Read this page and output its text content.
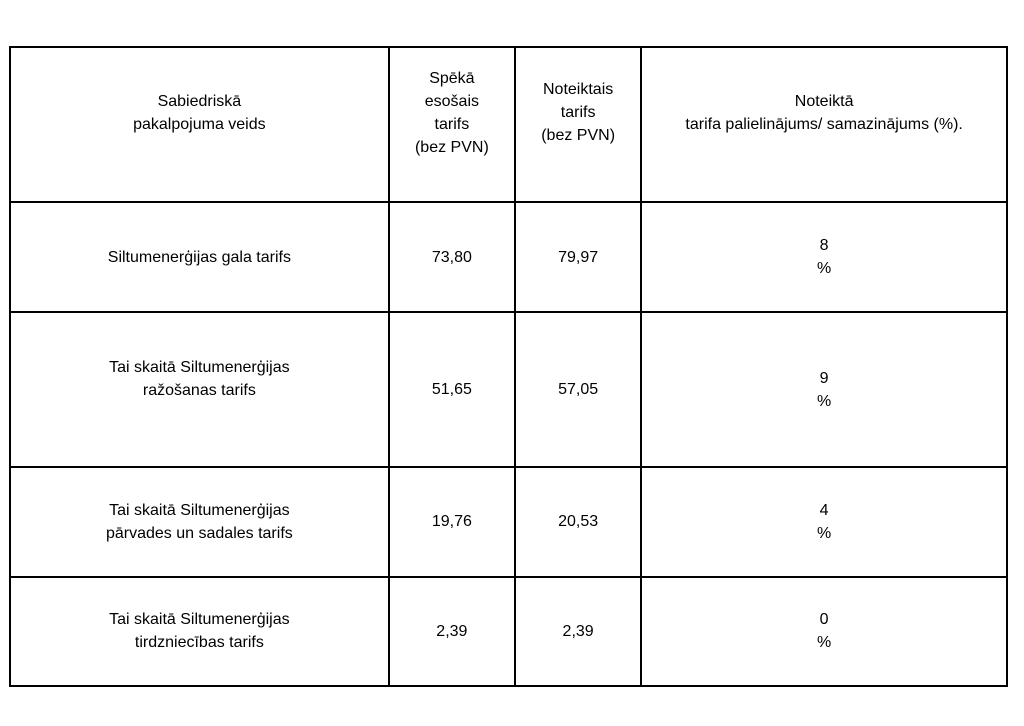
Sabiedriskā
pakalpojuma veids	Spēkā
esošais
tarifs
(bez PVN)	Noteiktais
tarifs
(bez PVN)	Noteiktā
tarifa palielinājums/ samazinājums (%).

Siltumenerģijas gala tarifs	73,80	79,97	8
%

Tai skaitā Siltumenerģijas
ražošanas tarifs	51,65	57,05	9
%

Tai skaitā Siltumenerģijas
pārvades un sadales tarifs	19,76	20,53	4
%

Tai skaitā Siltumenerģijas
tirdzniecības tarifs	2,39	2,39	0
%
